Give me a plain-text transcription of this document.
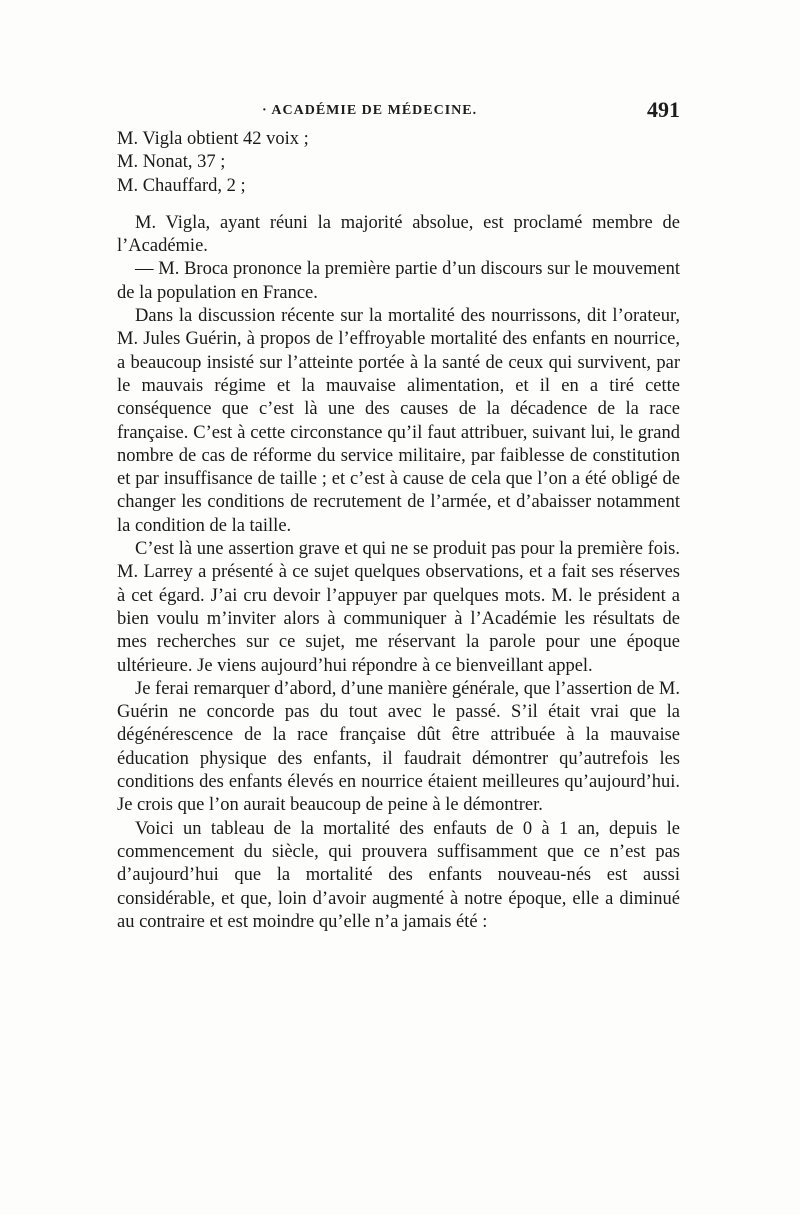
· ACADÉMIE DE MÉDECINE.	491

M. Vigla obtient 42 voix ;

M. Nonat, 37 ;

M. Chauffard, 2 ;

M. Vigla, ayant réuni la majorité absolue, est proclamé membre de l’Académie.

— M. Broca prononce la première partie d’un discours sur le mouvement de la population en France.

Dans la discussion récente sur la mortalité des nourrissons, dit l’orateur, M. Jules Guérin, à propos de l’effroyable mortalité des enfants en nourrice, a beaucoup insisté sur l’atteinte portée à la santé de ceux qui survivent, par le mauvais régime et la mauvaise alimentation, et il en a tiré cette conséquence que c’est là une des causes de la décadence de la race française. C’est à cette circonstance qu’il faut attribuer, suivant lui, le grand nombre de cas de réforme du service militaire, par faiblesse de constitution et par insuffisance de taille ; et c’est à cause de cela que l’on a été obligé de changer les conditions de recrutement de l’armée, et d’abaisser notamment la condition de la taille.

C’est là une assertion grave et qui ne se produit pas pour la première fois. M. Larrey a présenté à ce sujet quelques observations, et a fait ses réserves à cet égard. J’ai cru devoir l’appuyer par quelques mots. M. le président a bien voulu m’inviter alors à communiquer à l’Académie les résultats de mes recherches sur ce sujet, me réservant la parole pour une époque ultérieure. Je viens aujourd’hui répondre à ce bienveillant appel.

Je ferai remarquer d’abord, d’une manière générale, que l’assertion de M. Guérin ne concorde pas du tout avec le passé. S’il était vrai que la dégénérescence de la race française dût être attribuée à la mauvaise éducation physique des enfants, il faudrait démontrer qu’autrefois les conditions des enfants élevés en nourrice étaient meilleures qu’aujourd’hui. Je crois que l’on aurait beaucoup de peine à le démontrer.

Voici un tableau de la mortalité des enfauts de 0 à 1 an, depuis le commencement du siècle, qui prouvera suffisamment que ce n’est pas d’aujourd’hui que la mortalité des enfants nouveau-nés est aussi considérable, et que, loin d’avoir augmenté à notre époque, elle a diminué au contraire et est moindre qu’elle n’a jamais été :
